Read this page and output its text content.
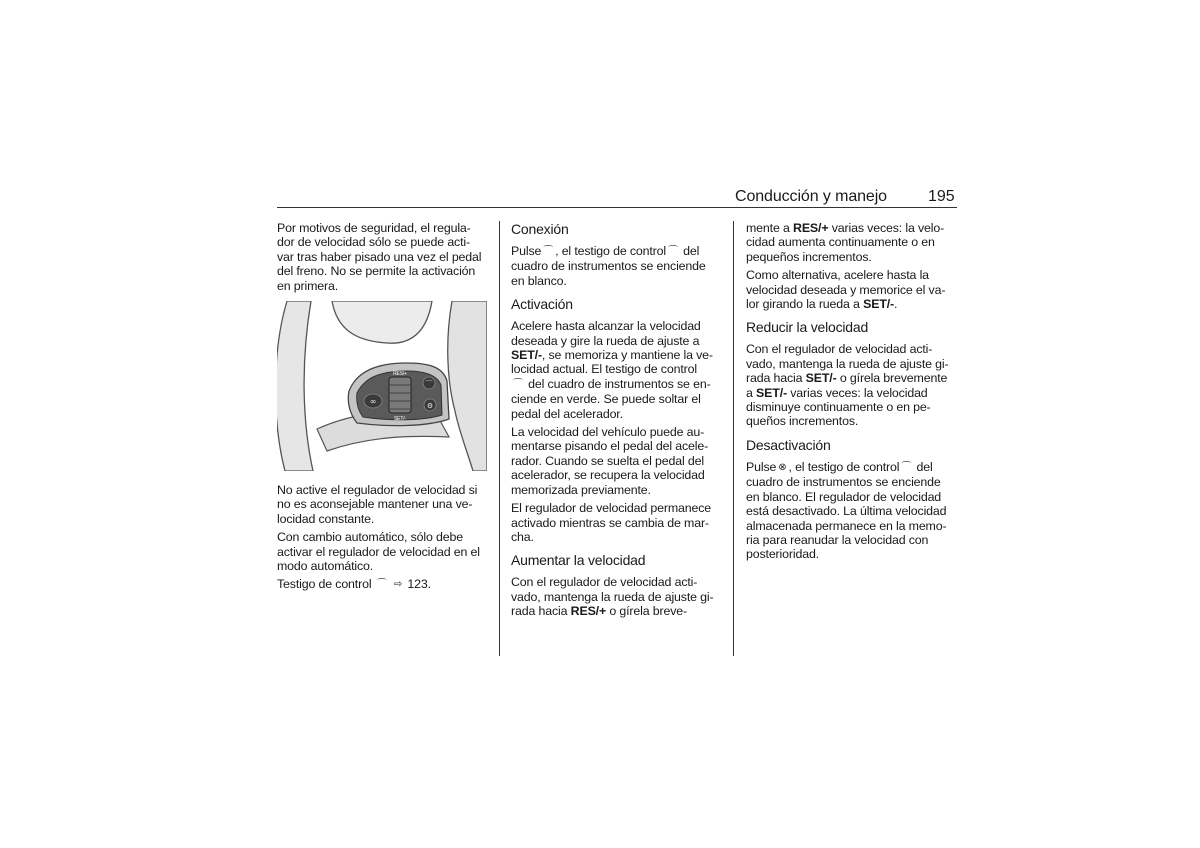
Conducción y manejo	195

Por motivos de seguridad, el regula-
dor de velocidad sólo se puede acti-
var tras haber pisado una vez el pedal
del freno. No se permite la activación
en primera.

∞
RES/+
SET/-
⌒
⚙

No active el regulador de velocidad si
no es aconsejable mantener una ve-
locidad constante.

Con cambio automático, sólo debe
activar el regulador de velocidad en el
modo automático.

Testigo de control ⌒ ⇨ 123.

Conexión

Pulse ⌒ , el testigo de control ⌒ del
cuadro de instrumentos se enciende
en blanco.

Activación

Acelere hasta alcanzar la velocidad
deseada y gire la rueda de ajuste a
SET/-, se memoriza y mantiene la ve-
locidad actual. El testigo de control
⌒ del cuadro de instrumentos se en-
ciende en verde. Se puede soltar el
pedal del acelerador.

La velocidad del vehículo puede au-
mentarse pisando el pedal del acele-
rador. Cuando se suelta el pedal del
acelerador, se recupera la velocidad
memorizada previamente.

El regulador de velocidad permanece
activado mientras se cambia de mar-
cha.

Aumentar la velocidad

Con el regulador de velocidad acti-
vado, mantenga la rueda de ajuste gi-
rada hacia RES/+ o gírela breve-

mente a RES/+ varias veces: la velo-
cidad aumenta continuamente o en
pequeños incrementos.

Como alternativa, acelere hasta la
velocidad deseada y memorice el va-
lor girando la rueda a SET/-.

Reducir la velocidad

Con el regulador de velocidad acti-
vado, mantenga la rueda de ajuste gi-
rada hacia SET/- o gírela brevemente
a SET/- varias veces: la velocidad
disminuye continuamente o en pe-
queños incrementos.

Desactivación

Pulse ⊗ , el testigo de control ⌒ del
cuadro de instrumentos se enciende
en blanco. El regulador de velocidad
está desactivado. La última velocidad
almacenada permanece en la memo-
ria para reanudar la velocidad con
posterioridad.
